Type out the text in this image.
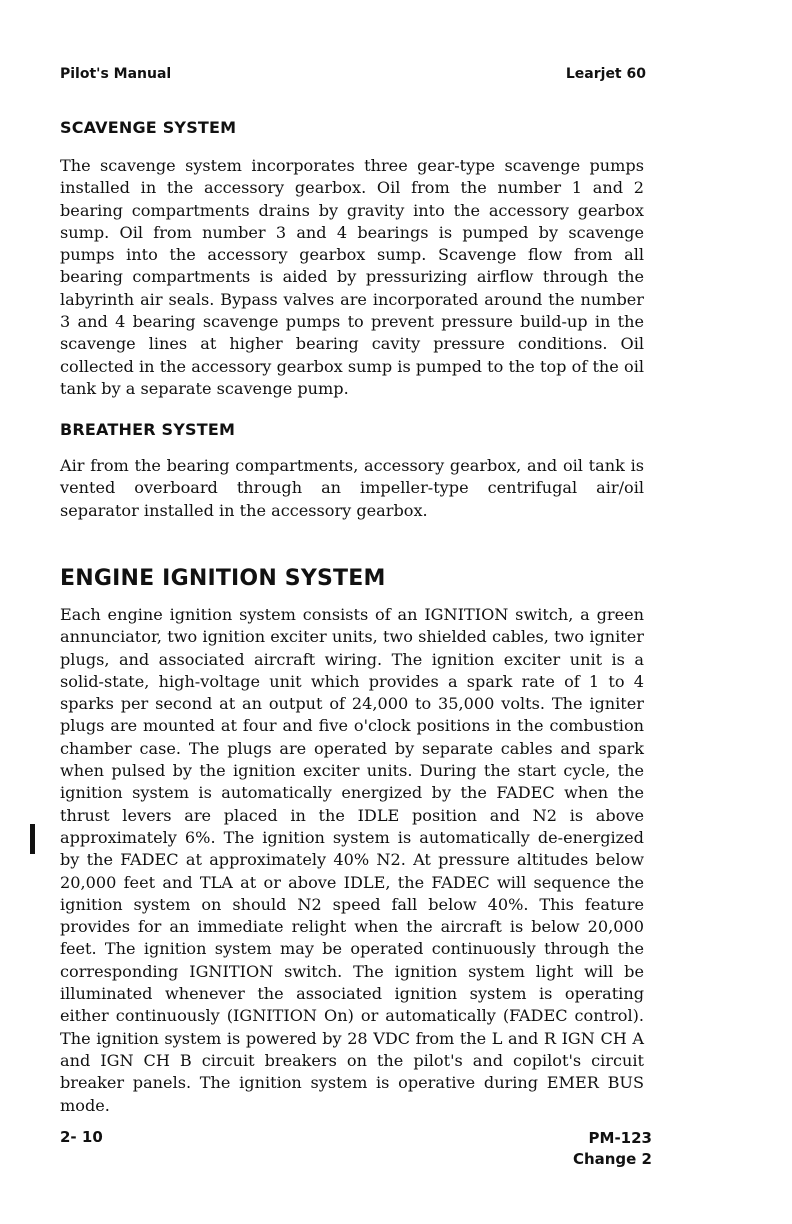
Pilot's Manual	Learjet 60
SCAVENGE SYSTEM

The scavenge system incorporates three gear-type scavenge pumps installed in the accessory gearbox. Oil from the number 1 and 2 bearing compartments drains by gravity into the accessory gearbox sump. Oil from number 3 and 4 bearings is pumped by scavenge pumps into the accessory gearbox sump. Scavenge flow from all bearing compartments is aided by pressurizing airflow through the labyrinth air seals. Bypass valves are incorporated around the number 3 and 4 bearing scavenge pumps to prevent pressure build-up in the scavenge lines at higher bearing cavity pressure conditions. Oil collected in the accessory gearbox sump is pumped to the top of the oil tank by a separate scavenge pump.

BREATHER SYSTEM

Air from the bearing compartments, accessory gearbox, and oil tank is vented overboard through an impeller-type centrifugal air/oil separator installed in the accessory gearbox.

ENGINE IGNITION SYSTEM

Each engine ignition system consists of an IGNITION switch, a green annunciator, two ignition exciter units, two shielded cables, two igniter plugs, and associated aircraft wiring. The ignition exciter unit is a solid-state, high-voltage unit which provides a spark rate of 1 to 4 sparks per second at an output of 24,000 to 35,000 volts. The igniter plugs are mounted at four and five o'clock positions in the combustion chamber case. The plugs are operated by separate cables and spark when pulsed by the ignition exciter units. During the start cycle, the ignition system is automatically energized by the FADEC when the thrust levers are placed in the IDLE position and N2 is above approximately 6%. The ignition system is automatically de-energized by the FADEC at approximately 40% N2. At pressure altitudes below 20,000 feet and TLA at or above IDLE, the FADEC will sequence the ignition system on should N2 speed fall below 40%. This feature provides for an immediate relight when the aircraft is below 20,000 feet. The ignition system may be operated continuously through the corresponding IGNITION switch. The ignition system light will be illuminated whenever the associated ignition system is operating either continuously (IGNITION On) or automatically (FADEC control). The ignition system is powered by 28 VDC from the L and R IGN CH A and IGN CH B circuit breakers on the pilot's and copilot's circuit breaker panels. The ignition system is operative during EMER BUS mode.

2- 10	PM-123
Change 2
